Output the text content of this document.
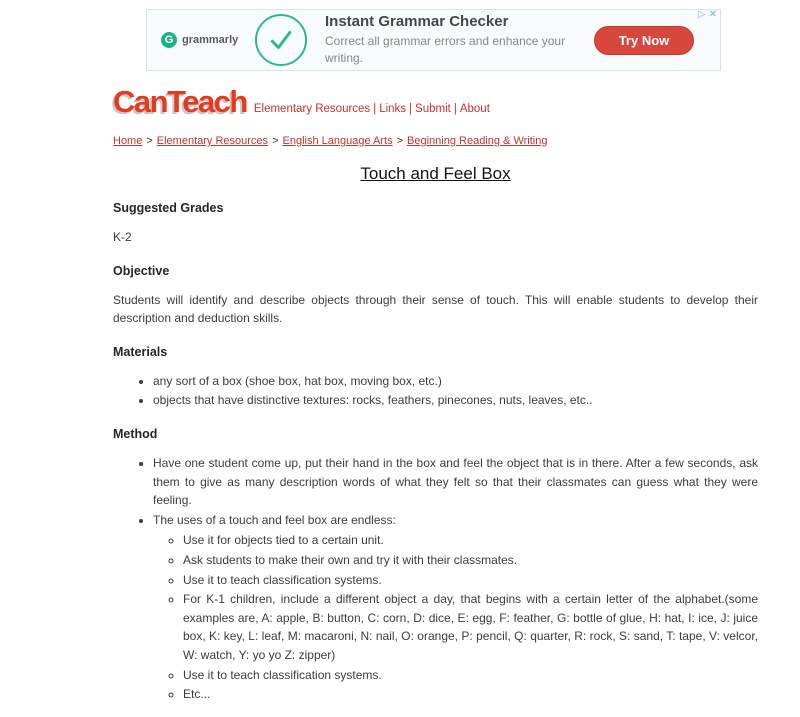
G grammarly
Instant Grammar Checker
Correct all grammar errors and enhance your writing.
Try Now
▷ ✕
CanTeach Elementary Resources | Links | Submit | About
Home > Elementary Resources > English Language Arts > Beginning Reading & Writing
Touch and Feel Box
Suggested Grades

K-2

Objective

Students will identify and describe objects through their sense of touch. This will enable students to develop their description and deduction skills.

Materials
• any sort of a box (shoe box, hat box, moving box, etc.)
• objects that have distinctive textures: rocks, feathers, pinecones, nuts, leaves, etc..
Method
• Have one student come up, put their hand in the box and feel the object that is in there. After a few seconds, ask them to give as many description words of what they felt so that their classmates can guess what they were feeling.
• The uses of a touch and feel box are endless:
◦ Use it for objects tied to a certain unit.
◦ Ask students to make their own and try it with their classmates.
◦ Use it to teach classification systems.
◦ For K-1 children, include a different object a day, that begins with a certain letter of the alphabet.(some examples are, A: apple, B: button, C: corn, D: dice, E: egg, F: feather, G: bottle of glue, H: hat, I: ice, J: juice box, K: key, L: leaf, M: macaroni, N: nail, O: orange, P: pencil, Q: quarter, R: rock, S: sand, T: tape, V: velcor, W: watch, Y: yo yo Z: zipper)
◦ Use it to teach classification systems.
◦ Etc...
